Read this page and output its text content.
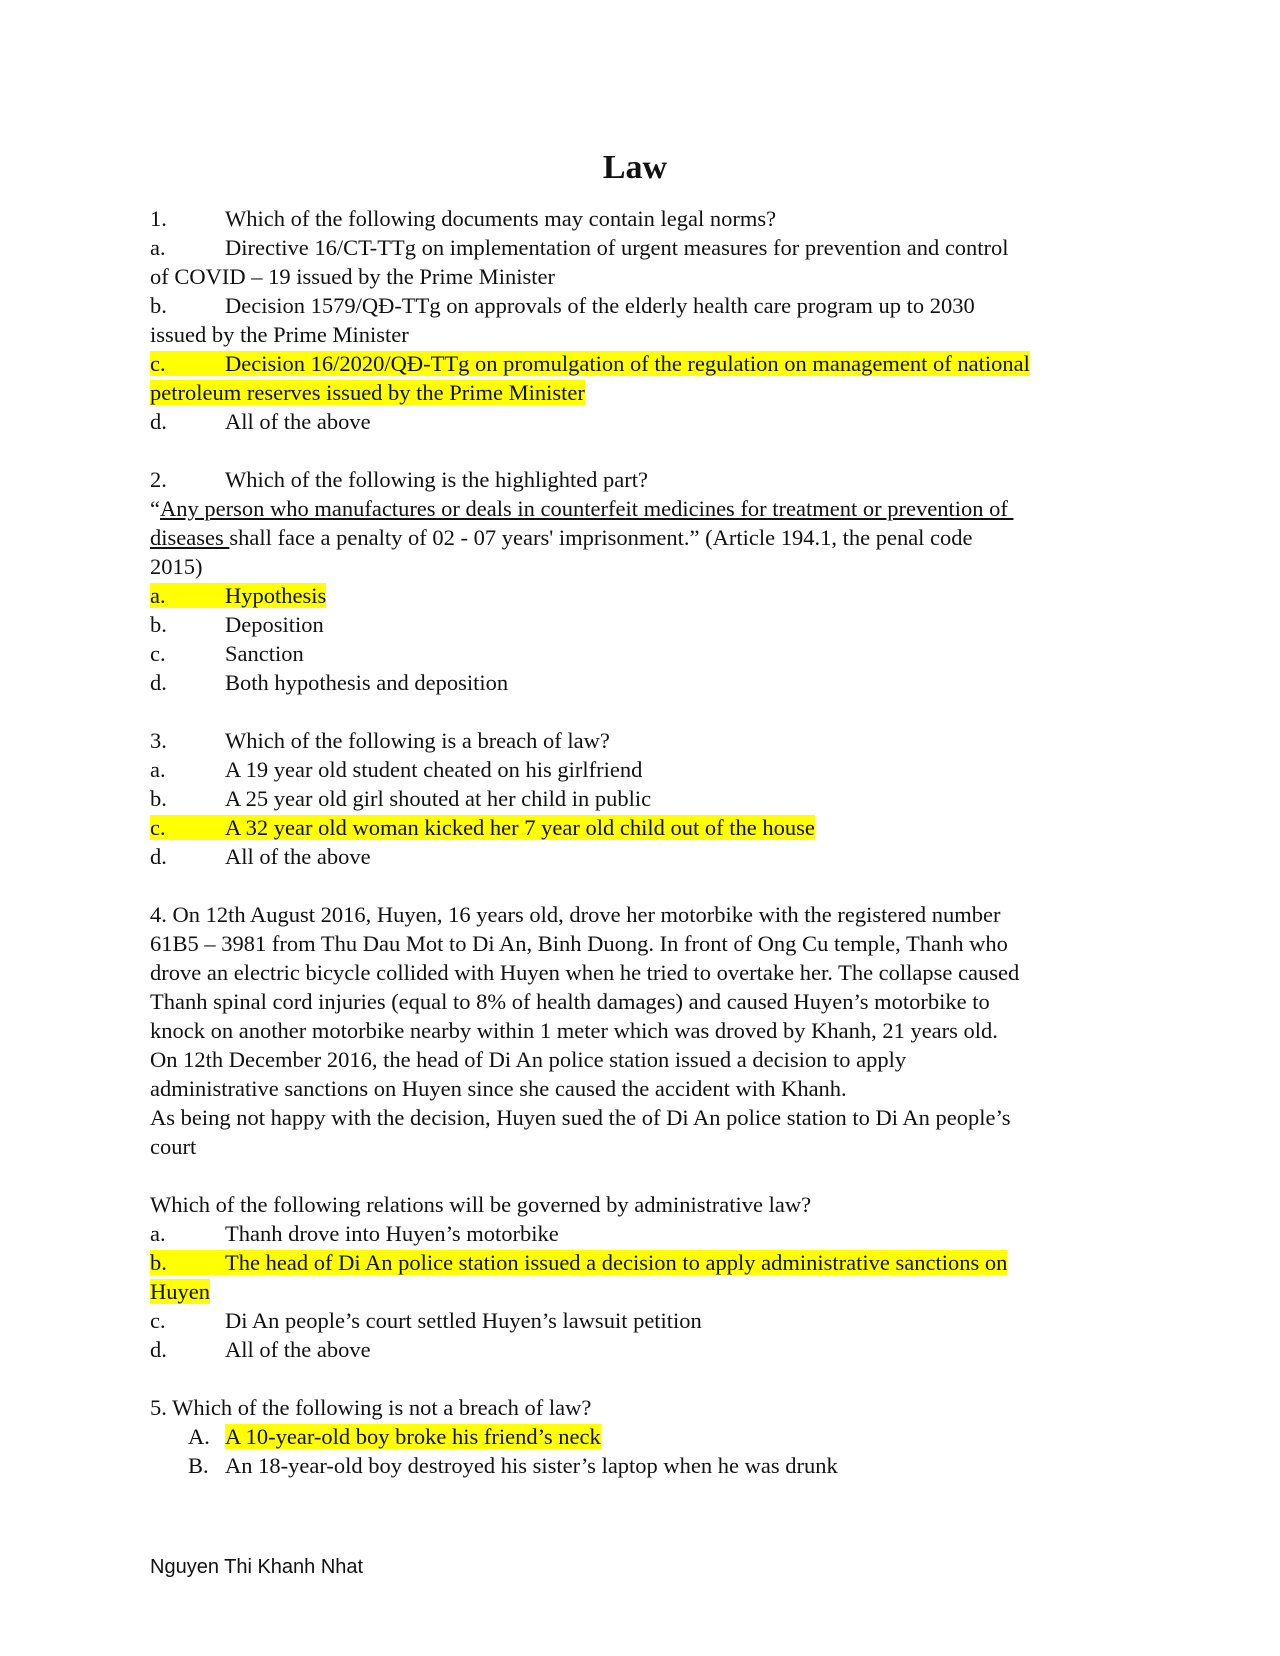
Law
1.	Which of the following documents may contain legal norms?
a.	Directive 16/CT-TTg on implementation of urgent measures for prevention and control
of COVID – 19 issued by the Prime Minister
b.	Decision 1579/QĐ-TTg on approvals of the elderly health care program up to 2030
issued by the Prime Minister
c.	Decision 16/2020/QĐ-TTg on promulgation of the regulation on management of national
petroleum reserves issued by the Prime Minister
d.	All of the above
2.	Which of the following is the highlighted part?
“Any person who manufactures or deals in counterfeit medicines for treatment or prevention of
diseases shall face a penalty of 02 - 07 years' imprisonment.” (Article 194.1, the penal code
2015)
a.	Hypothesis
b.	Deposition
c.	Sanction
d.	Both hypothesis and deposition
3.	Which of the following is a breach of law?
a.	A 19 year old student cheated on his girlfriend
b.	A 25 year old girl shouted at her child in public
c.	A 32 year old woman kicked her 7 year old child out of the house
d.	All of the above
4. On 12th August 2016, Huyen, 16 years old, drove her motorbike with the registered number
61B5 – 3981 from Thu Dau Mot to Di An, Binh Duong. In front of Ong Cu temple, Thanh who
drove an electric bicycle collided with Huyen when he tried to overtake her. The collapse caused
Thanh spinal cord injuries (equal to 8% of health damages) and caused Huyen’s motorbike to
knock on another motorbike nearby within 1 meter which was droved by Khanh, 21 years old.
On 12th December 2016, the head of Di An police station issued a decision to apply
administrative sanctions on Huyen since she caused the accident with Khanh.
As being not happy with the decision, Huyen sued the of Di An police station to Di An people’s
court
Which of the following relations will be governed by administrative law?
a.	Thanh drove into Huyen’s motorbike
b.	The head of Di An police station issued a decision to apply administrative sanctions on
Huyen
c.	Di An people’s court settled Huyen’s lawsuit petition
d.	All of the above
5. Which of the following is not a breach of law?
A. A 10-year-old boy broke his friend’s neck
B. An 18-year-old boy destroyed his sister’s laptop when he was drunk
Nguyen Thi Khanh Nhat
